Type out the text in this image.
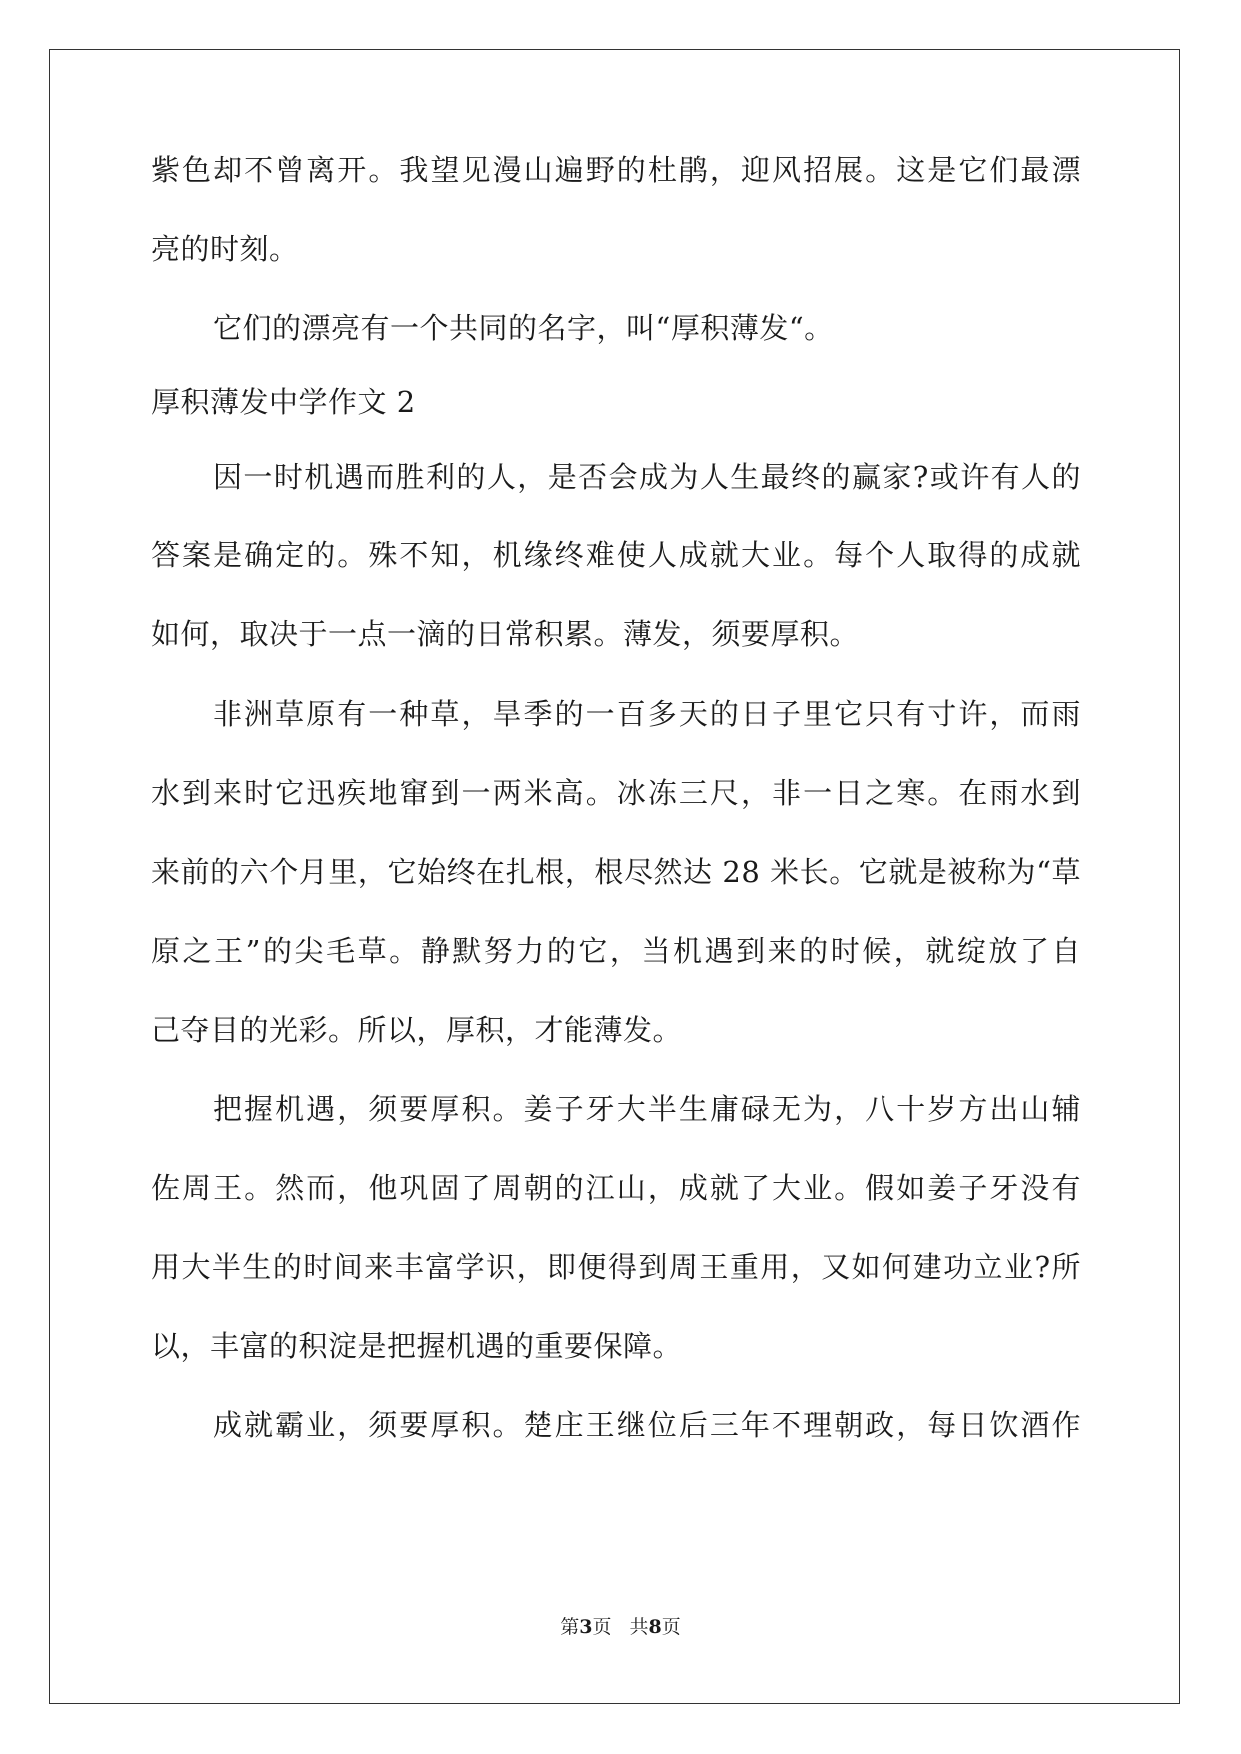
紫色却不曾离开。我望见漫山遍野的杜鹃，迎风招展。这是它们最漂
亮的时刻。
它们的漂亮有一个共同的名字，叫“厚积薄发“。
厚积薄发中学作文 2
因一时机遇而胜利的人，是否会成为人生最终的赢家?或许有人的
答案是确定的。殊不知，机缘终难使人成就大业。每个人取得的成就
如何，取决于一点一滴的日常积累。薄发，须要厚积。
非洲草原有一种草，旱季的一百多天的日子里它只有寸许，而雨
水到来时它迅疾地窜到一两米高。冰冻三尺，非一日之寒。在雨水到
来前的六个月里，它始终在扎根，根尽然达 28 米长。它就是被称为“草
原之王”的尖毛草。静默努力的它，当机遇到来的时候，就绽放了自
己夺目的光彩。所以，厚积，才能薄发。
把握机遇，须要厚积。姜子牙大半生庸碌无为，八十岁方出山辅
佐周王。然而，他巩固了周朝的江山，成就了大业。假如姜子牙没有
用大半生的时间来丰富学识，即便得到周王重用，又如何建功立业?所
以，丰富的积淀是把握机遇的重要保障。
成就霸业，须要厚积。楚庄王继位后三年不理朝政，每日饮酒作
第3页 共8页
